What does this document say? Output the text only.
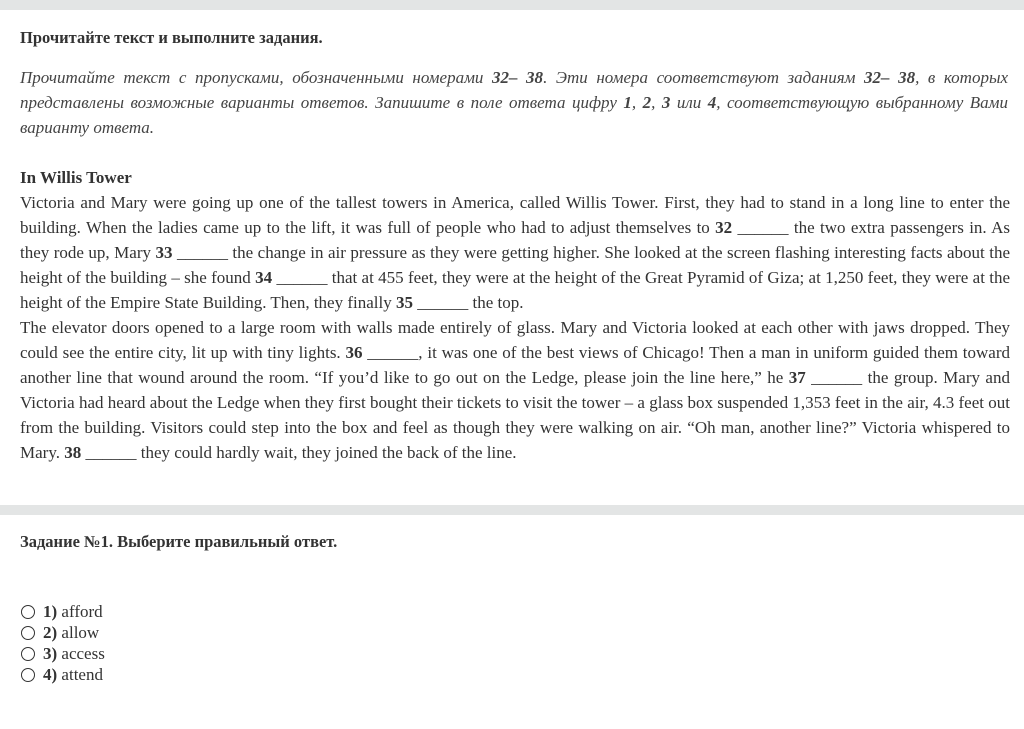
Прочитайте текст и выполните задания.
Прочитайте текст с пропусками, обозначенными номерами 32– 38. Эти номера соответствуют заданиям 32– 38, в которых представлены возможные варианты ответов. Запишите в поле ответа цифру 1, 2, 3 или 4, соответствующую выбранному Вами варианту ответа.
In Willis Tower

Victoria and Mary were going up one of the tallest towers in America, called Willis Tower. First, they had to stand in a long line to enter the building. When the ladies came up to the lift, it was full of people who had to adjust themselves to 32 ______ the two extra passengers in. As they rode up, Mary 33 ______ the change in air pressure as they were getting higher. She looked at the screen flashing interesting facts about the height of the building – she found 34 ______ that at 455 feet, they were at the height of the Great Pyramid of Giza; at 1,250 feet, they were at the height of the Empire State Building. Then, they finally 35 ______ the top.

The elevator doors opened to a large room with walls made entirely of glass. Mary and Victoria looked at each other with jaws dropped. They could see the entire city, lit up with tiny lights. 36 ______, it was one of the best views of Chicago! Then a man in uniform guided them toward another line that wound around the room. “If you’d like to go out on the Ledge, please join the line here,” he 37 ______ the group. Mary and Victoria had heard about the Ledge when they first bought their tickets to visit the tower – a glass box suspended 1,353 feet in the air, 4.3 feet out from the building. Visitors could step into the box and feel as though they were walking on air. “Oh man, another line?” Victoria whispered to Mary. 38 ______ they could hardly wait, they joined the back of the line.

Задание №1. Выберите правильный ответ.
1)
afford
2)
allow
3)
access
4)
attend
